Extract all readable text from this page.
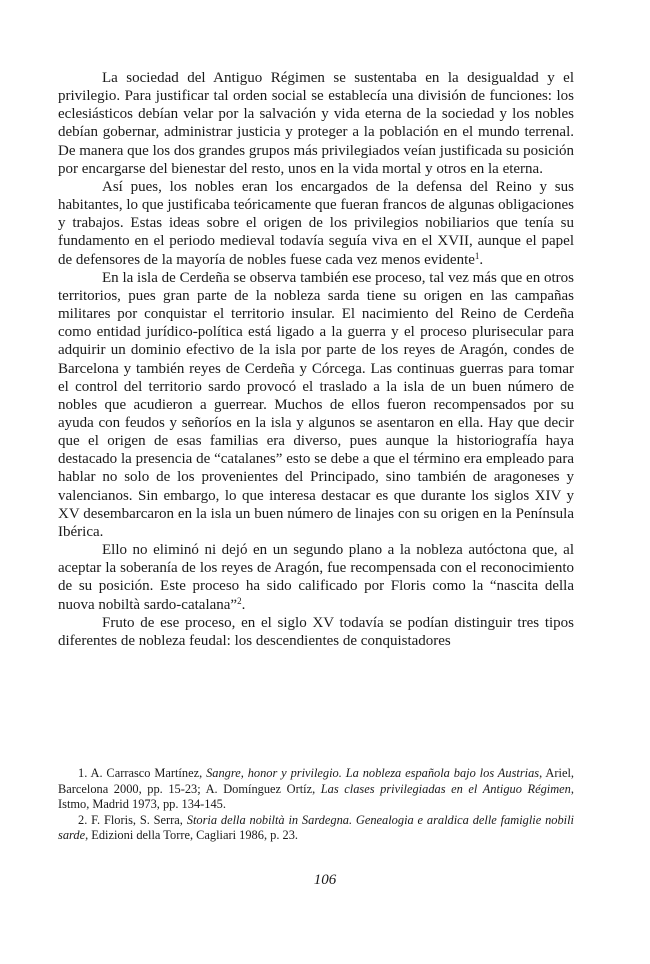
La sociedad del Antiguo Régimen se sustentaba en la desigualdad y el privilegio. Para justificar tal orden social se establecía una división de funciones: los eclesiásticos debían velar por la salvación y vida eterna de la sociedad y los nobles debían gobernar, administrar justicia y proteger a la población en el mundo terrenal. De manera que los dos grandes grupos más privilegiados veían justificada su posición por encargarse del bienestar del resto, unos en la vida mortal y otros en la eterna.

Así pues, los nobles eran los encargados de la defensa del Reino y sus habitantes, lo que justificaba teóricamente que fueran francos de algunas obligaciones y trabajos. Estas ideas sobre el origen de los privilegios nobiliarios que tenía su fundamento en el periodo medieval todavía seguía viva en el XVII, aunque el papel de defensores de la mayoría de nobles fuese cada vez menos evidente$^1$.

En la isla de Cerdeña se observa también ese proceso, tal vez más que en otros territorios, pues gran parte de la nobleza sarda tiene su origen en las campañas militares por conquistar el territorio insular. El nacimiento del Reino de Cerdeña como entidad jurídico-política está ligado a la guerra y el proceso plurisecular para adquirir un dominio efectivo de la isla por parte de los reyes de Aragón, condes de Barcelona y también reyes de Cerdeña y Córcega. Las continuas guerras para tomar el control del territorio sardo provocó el traslado a la isla de un buen número de nobles que acudieron a guerrear. Muchos de ellos fueron recompensados por su ayuda con feudos y señoríos en la isla y algunos se asentaron en ella. Hay que decir que el origen de esas familias era diverso, pues aunque la historiografía haya destacado la presencia de “catalanes” esto se debe a que el término era empleado para hablar no solo de los provenientes del Principado, sino también de aragoneses y valencianos. Sin embargo, lo que interesa destacar es que durante los siglos XIV y XV desembarcaron en la isla un buen número de linajes con su origen en la Península Ibérica.

Ello no eliminó ni dejó en un segundo plano a la nobleza autóctona que, al aceptar la soberanía de los reyes de Aragón, fue recompensada con el reconocimiento de su posición. Este proceso ha sido calificado por Floris como la “nascita della nuova nobiltà sardo-catalana”$^2$.

Fruto de ese proceso, en el siglo XV todavía se podían distinguir tres tipos diferentes de nobleza feudal: los descendientes de conquistadores

1. A. Carrasco Martínez, Sangre, honor y privilegio. La nobleza española bajo los Austrias, Ariel, Barcelona 2000, pp. 15-23; A. Domínguez Ortíz, Las clases privilegiadas en el Antiguo Régimen, Istmo, Madrid 1973, pp. 134-145.

2. F. Floris, S. Serra, Storia della nobiltà in Sardegna. Genealogia e araldica delle famiglie nobili sarde, Edizioni della Torre, Cagliari 1986, p. 23.

106
